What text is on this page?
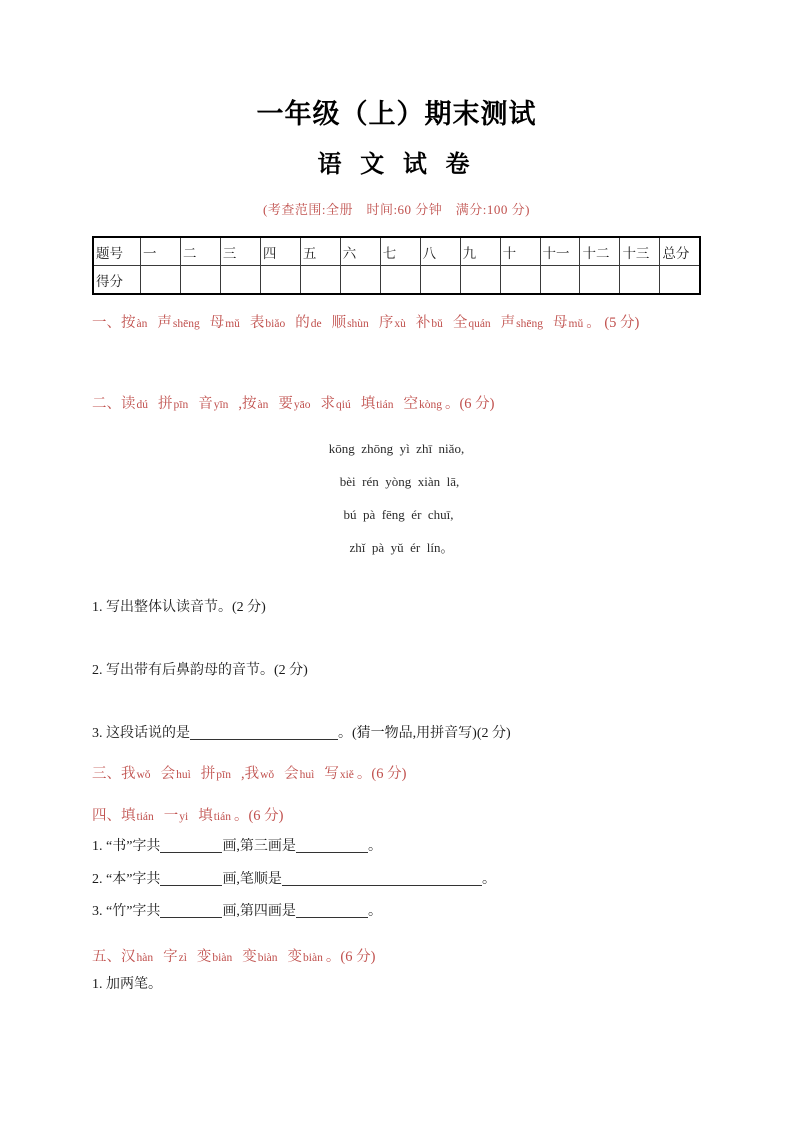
一年级（上）期末测试
语 文 试 卷

(考查范围:全册　时间:60 分钟　满分:100 分)

题号	一	二	三	四	五	六	七	八	九	十	十一	十二	十三	总分
得分														

一、按àn 声shēng 母mǔ 表biǎo 的de 顺shùn 序xù 补bǔ 全quán 声shēng 母mǔ 。 (5 分)

二、读dú 拼pīn 音yīn ,按àn 要yāo 求qiú 填tián 空kòng 。(6 分)

kōng  zhōng  yì  zhī  niǎo,
bèi  rén  yòng  xiàn  lā,
bú  pà  fēng  ér  chuī,
zhǐ  pà  yǔ  ér  lín。

1. 写出整体认读音节。(2 分)

2. 写出带有后鼻韵母的音节。(2 分)

3. 这段话说的是	。(猜一物品,用拼音写)(2 分)

三、我wǒ 会huì 拼pīn ,我wǒ 会huì 写xiě 。(6 分)

四、填tián 一yi 填tián 。(6 分)

1. “书”字共	画,第三画是	。
2. “本”字共	画,笔顺是	。
3. “竹”字共	画,第四画是	。

五、汉hàn 字zì 变biàn 变biàn 变biàn 。(6 分)

1. 加两笔。
